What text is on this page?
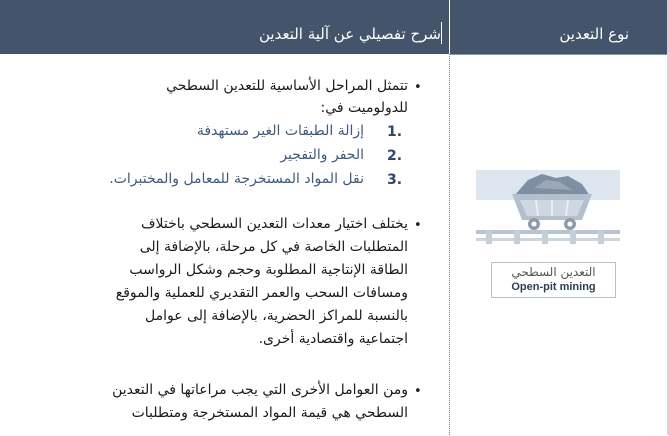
شرح تفصيلي عن آلية التعدين	نوع التعدين
•
تتمثل المراحل الأساسية للتعدين السطحي
للدولوميت في:
1.
إزالة الطبقات الغير مستهدفة
2.
الحفر والتفجير
3.
نقل المواد المستخرجة للمعامل والمختبرات.
•
يختلف اختيار معدات التعدين السطحي باختلاف
المتطلبات الخاصة في كل مرحلة، بالإضافة إلى
الطاقة الإنتاجية المطلوبة وحجم وشكل الرواسب
ومسافات السحب والعمر التقديري للعملية والموقع
بالنسبة للمراكز الحضرية، بالإضافة إلى عوامل
اجتماعية واقتصادية أخرى.
•
ومن العوامل الأخرى التي يجب مراعاتها في التعدين
السطحي هي قيمة المواد المستخرجة ومتطلبات
التعدين السطحي
Open-pit mining
